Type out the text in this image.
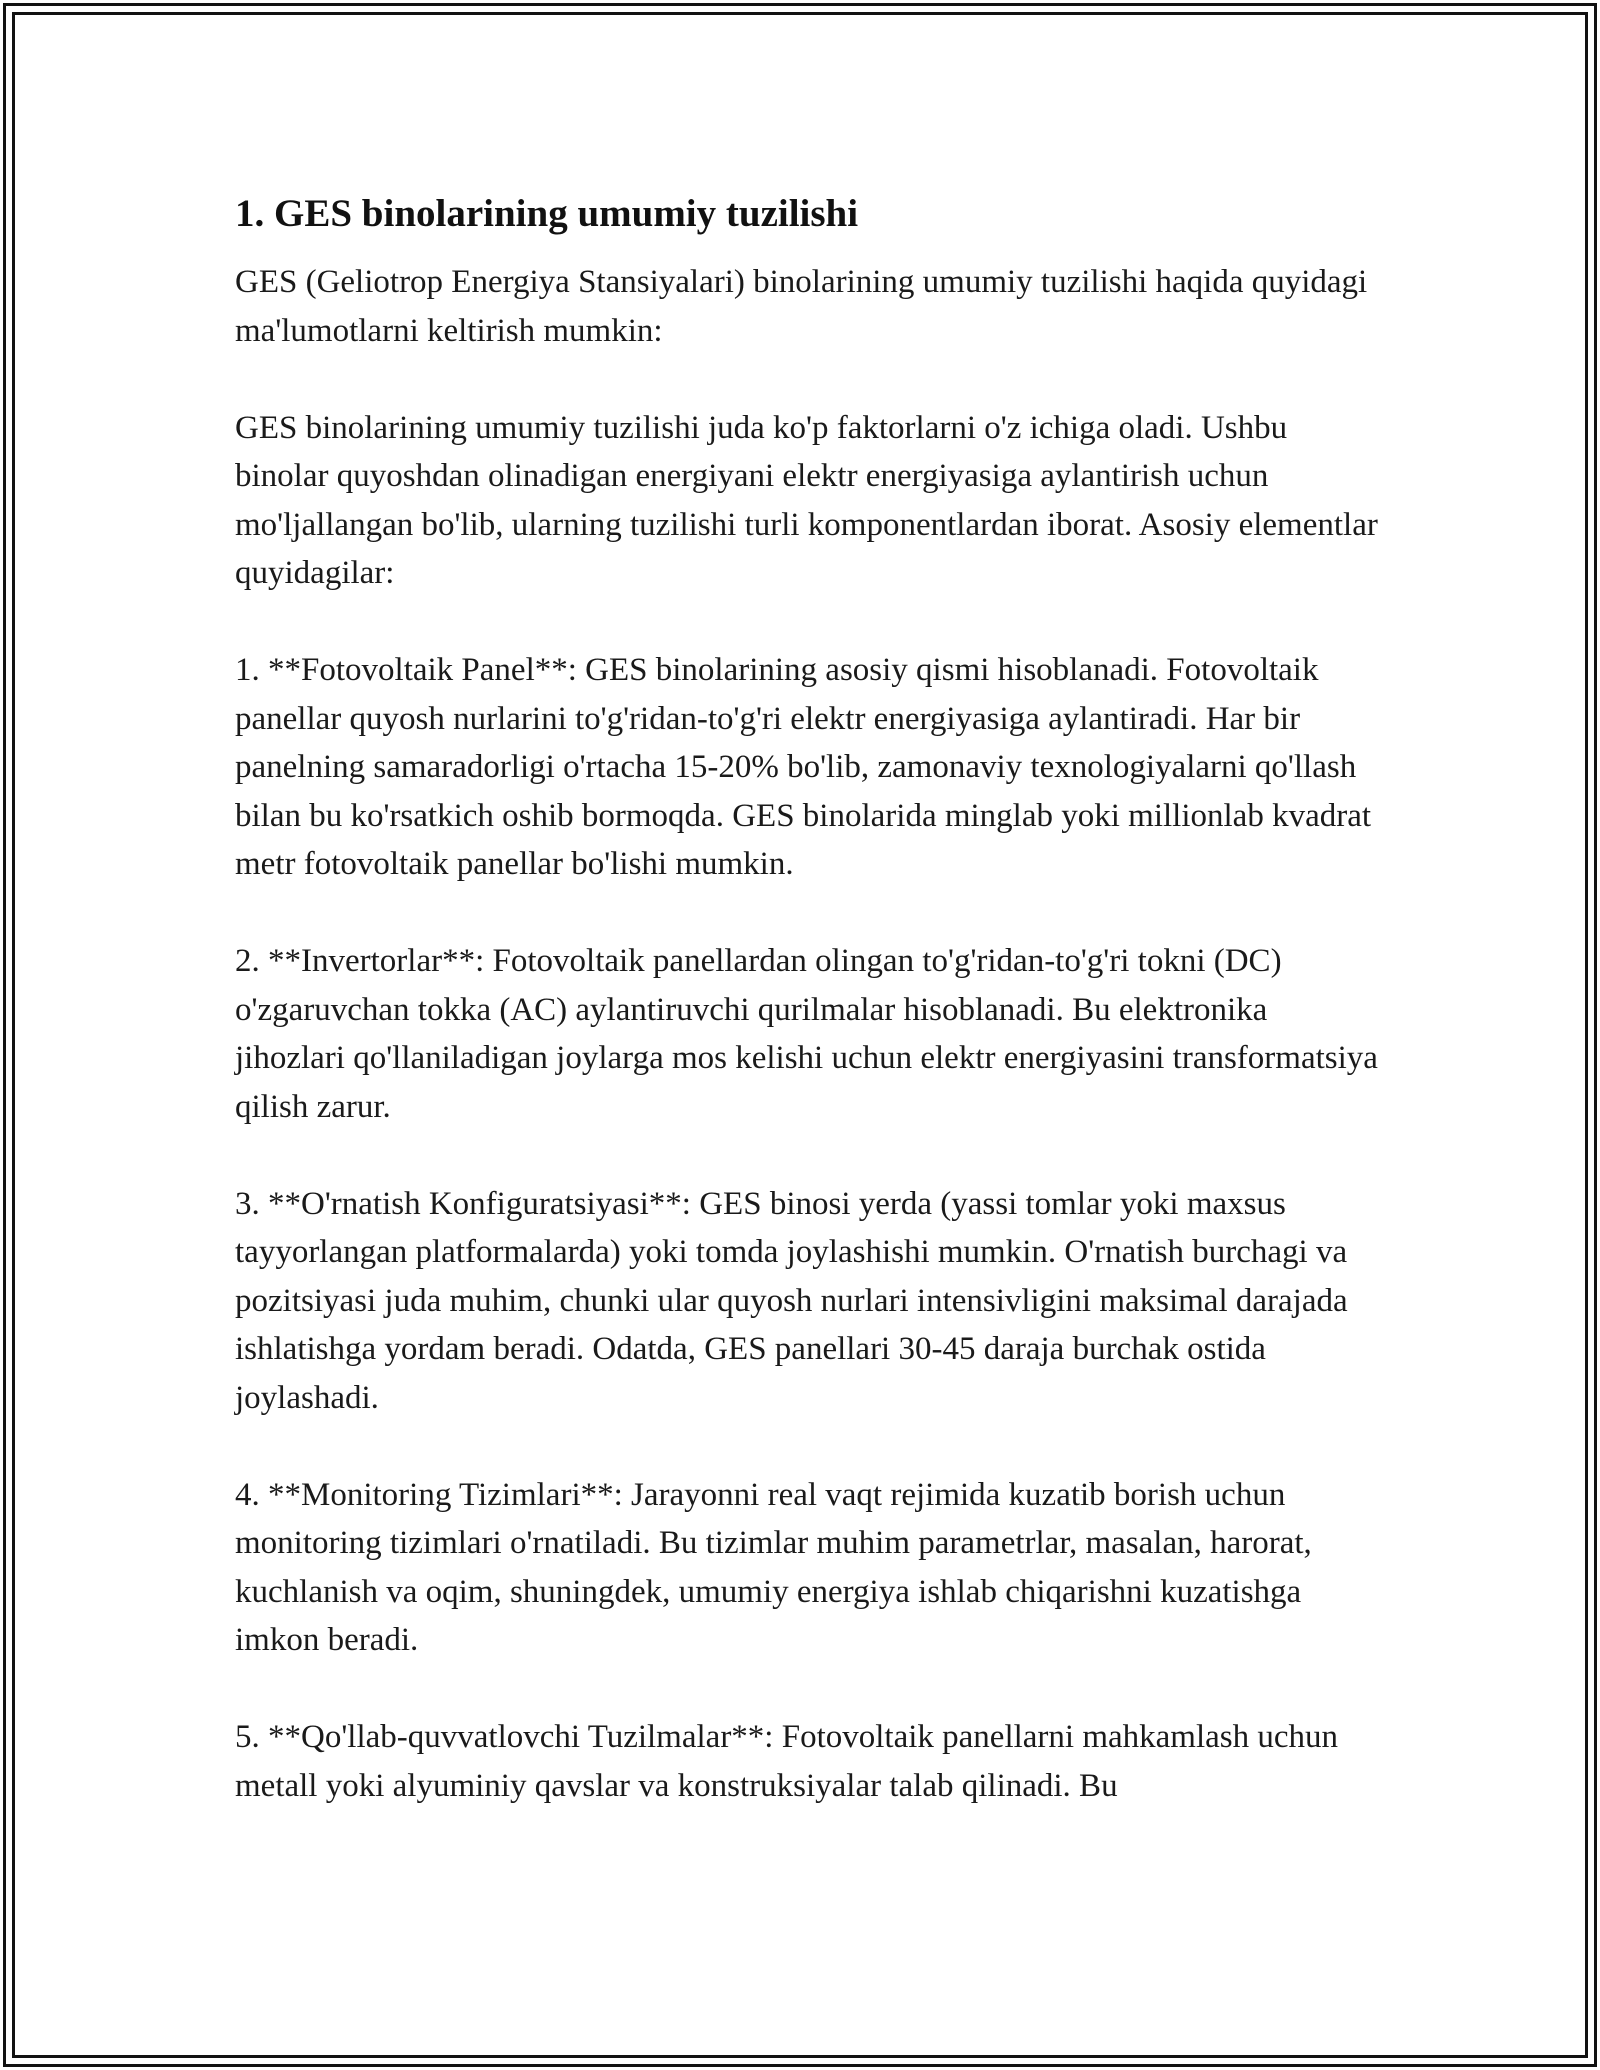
1. GES binolarining umumiy tuzilishi

GES (Geliotrop Energiya Stansiyalari) binolarining umumiy tuzilishi haqida quyidagi ma'lumotlarni keltirish mumkin:

GES binolarining umumiy tuzilishi juda ko'p faktorlarni o'z ichiga oladi. Ushbu binolar quyoshdan olinadigan energiyani elektr energiyasiga aylantirish uchun mo'ljallangan bo'lib, ularning tuzilishi turli komponentlardan iborat. Asosiy elementlar quyidagilar:

1. **Fotovoltaik Panel**: GES binolarining asosiy qismi hisoblanadi. Fotovoltaik panellar quyosh nurlarini to'g'ridan-to'g'ri elektr energiyasiga aylantiradi. Har bir panelning samaradorligi o'rtacha 15-20% bo'lib, zamonaviy texnologiyalarni qo'llash bilan bu ko'rsatkich oshib bormoqda. GES binolarida minglab yoki millionlab kvadrat metr fotovoltaik panellar bo'lishi mumkin.

2. **Invertorlar**: Fotovoltaik panellardan olingan to'g'ridan-to'g'ri tokni (DC) o'zgaruvchan tokka (AC) aylantiruvchi qurilmalar hisoblanadi. Bu elektronika jihozlari qo'llaniladigan joylarga mos kelishi uchun elektr energiyasini transformatsiya qilish zarur.

3. **O'rnatish Konfiguratsiyasi**: GES binosi yerda (yassi tomlar yoki maxsus tayyorlangan platformalarda) yoki tomda joylashishi mumkin. O'rnatish burchagi va pozitsiyasi juda muhim, chunki ular quyosh nurlari intensivligini maksimal darajada ishlatishga yordam beradi. Odatda, GES panellari 30-45 daraja burchak ostida joylashadi.

4. **Monitoring Tizimlari**: Jarayonni real vaqt rejimida kuzatib borish uchun monitoring tizimlari o'rnatiladi. Bu tizimlar muhim parametrlar, masalan, harorat, kuchlanish va oqim, shuningdek, umumiy energiya ishlab chiqarishni kuzatishga imkon beradi.

5. **Qo'llab-quvvatlovchi Tuzilmalar**: Fotovoltaik panellarni mahkamlash uchun metall yoki alyuminiy qavslar va konstruksiyalar talab qilinadi. Bu
